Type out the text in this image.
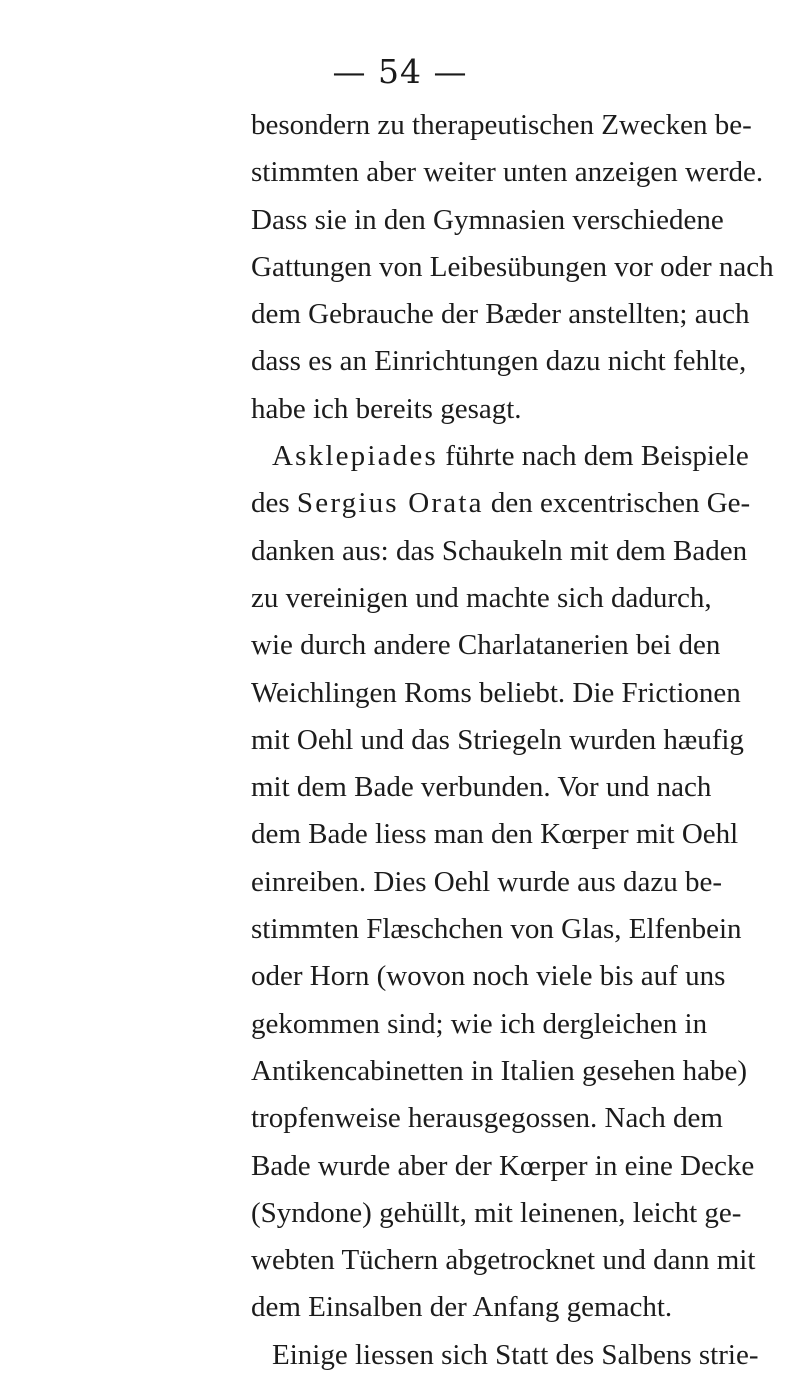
— 54 —
besondern zu therapeutischen Zwecken be-
stimmten aber weiter unten anzeigen werde.
Dass sie in den Gymnasien verschiedene
Gattungen von Leibesübungen vor oder nach
dem Gebrauche der Bæder anstellten; auch
dass es an Einrichtungen dazu nicht fehlte,
habe ich bereits gesagt.
Asklepiades führte nach dem Beispiele
des Sergius Orata den excentrischen Ge-
danken aus: das Schaukeln mit dem Baden
zu vereinigen und machte sich dadurch,
wie durch andere Charlatanerien bei den
Weichlingen Roms beliebt. Die Frictionen
mit Oehl und das Striegeln wurden hæufig
mit dem Bade verbunden. Vor und nach
dem Bade liess man den Kœrper mit Oehl
einreiben. Dies Oehl wurde aus dazu be-
stimmten Flæschchen von Glas, Elfenbein
oder Horn (wovon noch viele bis auf uns
gekommen sind; wie ich dergleichen in
Antikencabinetten in Italien gesehen habe)
tropfenweise herausgegossen. Nach dem
Bade wurde aber der Kœrper in eine Decke
(Syndone) gehüllt, mit leinenen, leicht ge-
webten Tüchern abgetrocknet und dann mit
dem Einsalben der Anfang gemacht.
Einige liessen sich Statt des Salbens strie-
